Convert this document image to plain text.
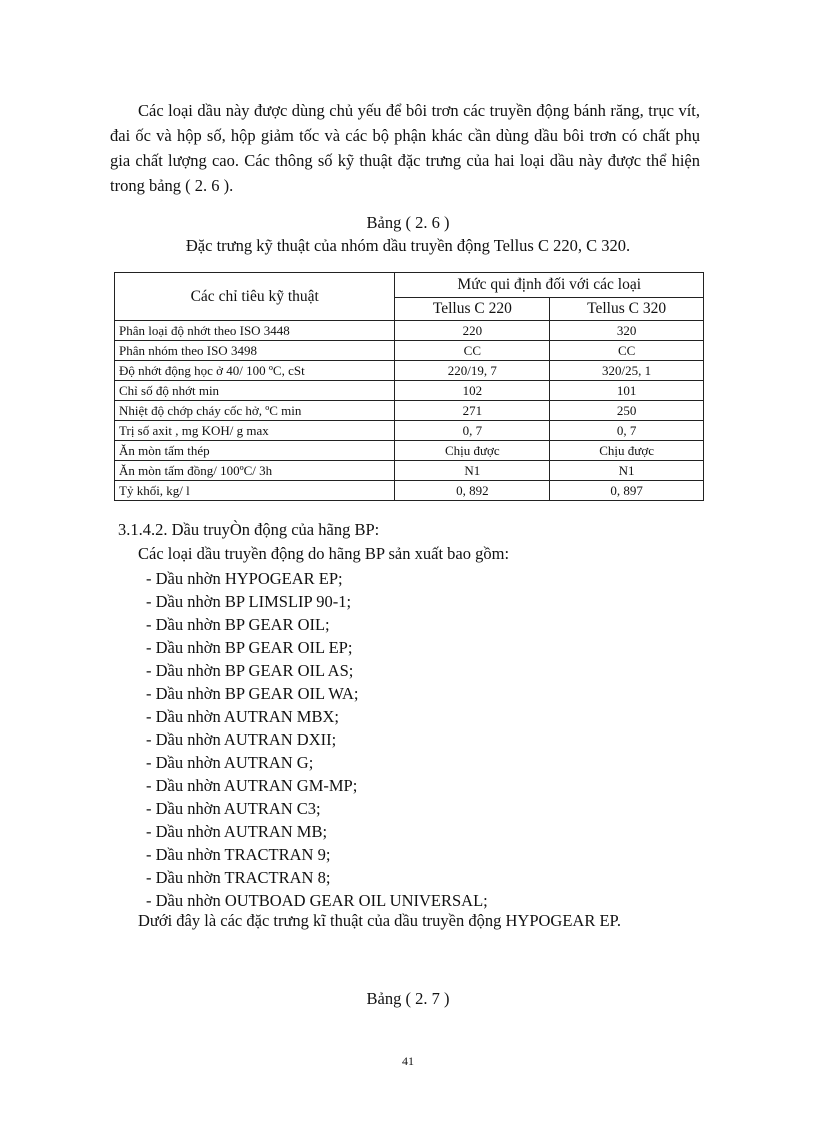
Các loại dầu này được dùng chủ yếu để bôi trơn các truyền động bánh răng, trục vít, đai ốc và hộp số, hộp giảm tốc và các bộ phận khác cần dùng dầu bôi trơn có chất phụ gia chất lượng cao. Các thông số kỹ thuật đặc trưng của hai loại dầu này được thể hiện trong bảng ( 2. 6 ).

Bảng ( 2. 6 )

Đặc trưng kỹ thuật của nhóm dầu truyền động Tellus C 220, C 320.

Các chỉ tiêu kỹ thuật	Mức qui định đối với các loại	
	Tellus C 220	Tellus C 320
Phân loại độ nhớt theo ISO 3448	220	320
Phân nhóm theo ISO 3498	CC	CC
Độ nhớt động học ở 40/ 100 ºC, cSt	220/19, 7	320/25, 1
Chỉ số độ nhớt min	102	101
Nhiệt độ chớp cháy cốc hở, ºC min	271	250
Trị số axit , mg KOH/ g max	0, 7	0, 7
Ăn mòn tấm thép	Chịu được	Chịu được
Ăn mòn tấm đồng/ 100ºC/ 3h	N1	N1
Tỷ khối, kg/ l	0, 892	0, 897

3.1.4.2. Dầu truyÒn động của hãng BP:

Các loại dầu truyền động do hãng BP sản xuất bao gồm:

- Dầu nhờn HYPOGEAR EP;
- Dầu nhờn BP LIMSLIP 90-1;
- Dầu nhờn BP GEAR OIL;
- Dầu nhờn BP GEAR OIL EP;
- Dầu nhờn BP GEAR OIL AS;
- Dầu nhờn BP GEAR OIL WA;
- Dầu nhờn AUTRAN MBX;
- Dầu nhờn AUTRAN DXII;
- Dầu nhờn AUTRAN G;
- Dầu nhờn AUTRAN GM-MP;
- Dầu nhờn AUTRAN C3;
- Dầu nhờn AUTRAN MB;
- Dầu nhờn TRACTRAN 9;
- Dầu nhờn TRACTRAN 8;
- Dầu nhờn OUTBOAD GEAR OIL UNIVERSAL;

Dưới đây là các đặc trưng kĩ thuật của dầu truyền động HYPOGEAR EP.

Bảng ( 2. 7 )

41
